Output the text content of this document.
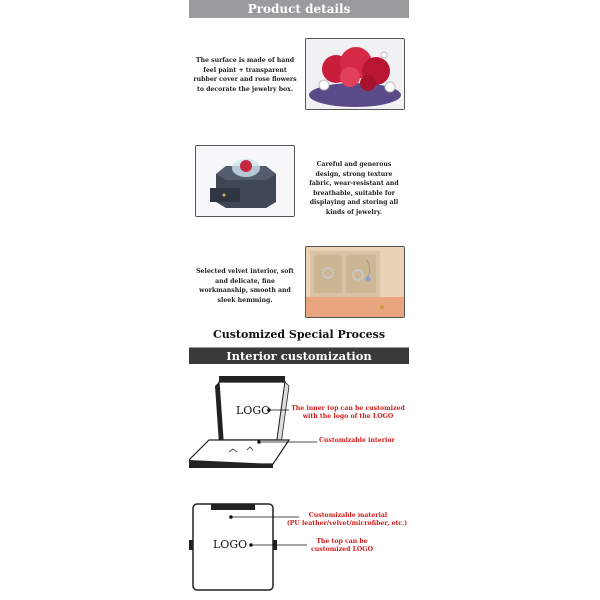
Product details
The surface is made of hand feel paint + transparent rubber cover and rose flowers to decorate the jewelry box.
Careful and generous design, strong texture fabric, wear-resistant and breathable, suitable for displaying and storing all kinds of jewelry.
Selected velvet interior, soft and delicate, fine workmanship, smooth and sleek hemming.
Customized Special Process
Interior customization
LOGO	The inner top can be customized with the logo of the LOGO
Customizable interior
LOGO
Customizable material
(PU leather/velvet/microfiber, etc.)
The top can be customized LOGO
